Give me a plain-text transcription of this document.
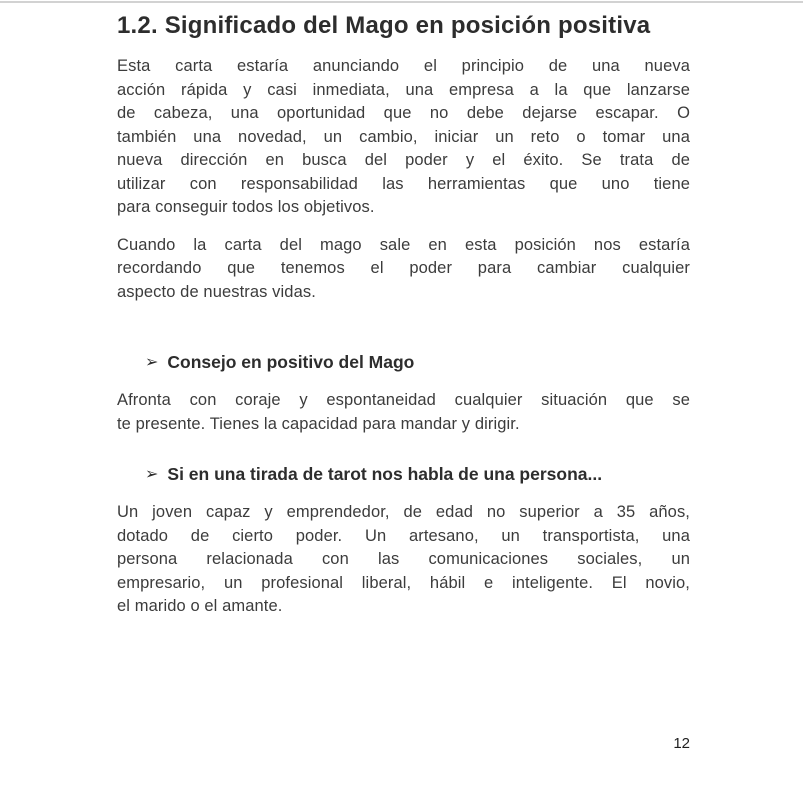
1.2. Significado del Mago en posición positiva
Esta carta estaría anunciando el principio de una nueva
acción rápida y casi inmediata, una empresa a la que lanzarse
de cabeza, una oportunidad que no debe dejarse escapar. O
también una novedad, un cambio, iniciar un reto o tomar una
nueva dirección en busca del poder y el éxito. Se trata de
utilizar con responsabilidad las herramientas que uno tiene
para conseguir todos los objetivos.
Cuando la carta del mago sale en esta posición nos estaría
recordando que tenemos el poder para cambiar cualquier
aspecto de nuestras vidas.
➢ Consejo en positivo del Mago
Afronta con coraje y espontaneidad cualquier situación que se
te presente. Tienes la capacidad para mandar y dirigir.
➢ Si en una tirada de tarot nos habla de una persona...
Un joven capaz y emprendedor, de edad no superior a 35 años,
dotado de cierto poder. Un artesano, un transportista, una
persona relacionada con las comunicaciones sociales, un
empresario, un profesional liberal, hábil e inteligente. El novio,
el marido o el amante.
12
